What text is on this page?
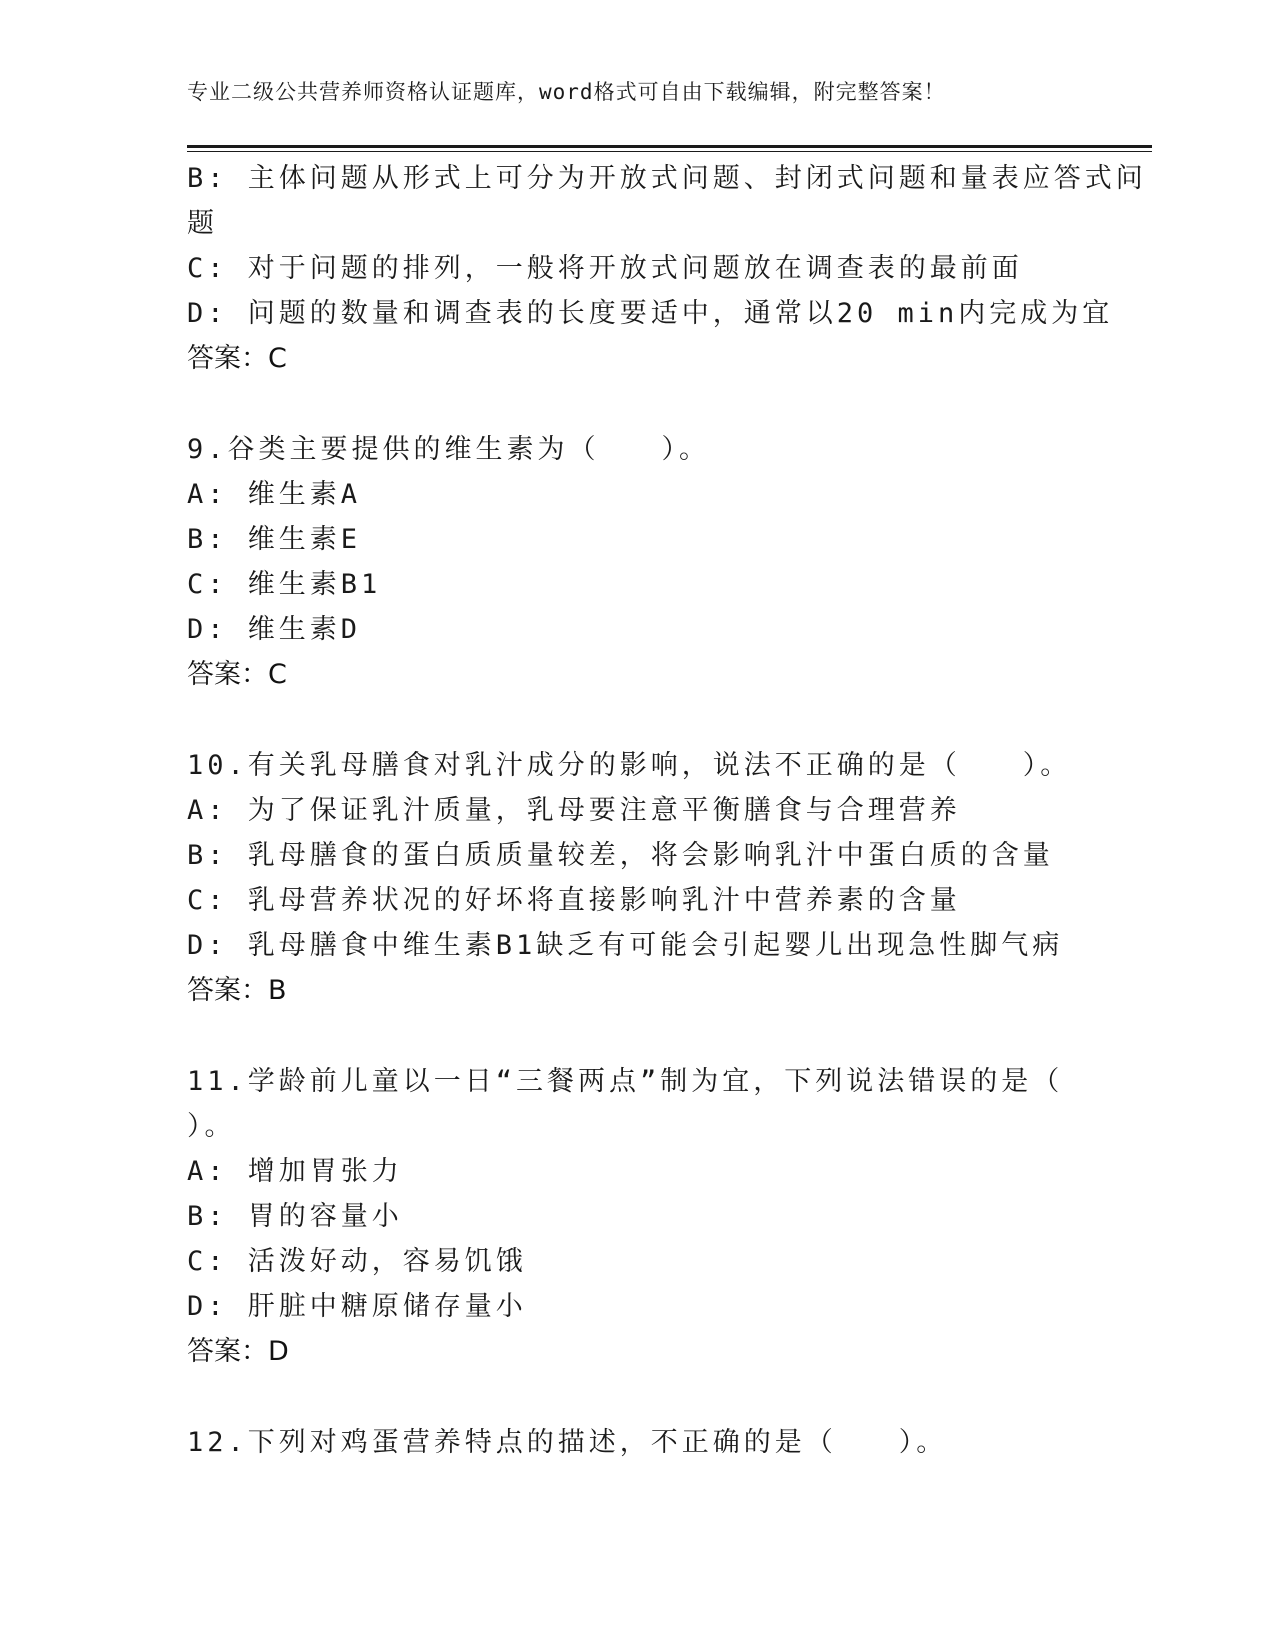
专业二级公共营养师资格认证题库，word格式可自由下载编辑，附完整答案！
B: 主体问题从形式上可分为开放式问题、封闭式问题和量表应答式问
题
C: 对于问题的排列，一般将开放式问题放在调查表的最前面
D: 问题的数量和调查表的长度要适中，通常以20 min内完成为宜
答案：C
9.谷类主要提供的维生素为（　　）。
A: 维生素A
B: 维生素E
C: 维生素B1
D: 维生素D
答案：C
10.有关乳母膳食对乳汁成分的影响，说法不正确的是（　　）。
A: 为了保证乳汁质量，乳母要注意平衡膳食与合理营养
B: 乳母膳食的蛋白质质量较差，将会影响乳汁中蛋白质的含量
C: 乳母营养状况的好坏将直接影响乳汁中营养素的含量
D: 乳母膳食中维生素B1缺乏有可能会引起婴儿出现急性脚气病
答案：B
11.学龄前儿童以一日“三餐两点”制为宜，下列说法错误的是（
）。
A: 增加胃张力
B: 胃的容量小
C: 活泼好动，容易饥饿
D: 肝脏中糖原储存量小
答案：D
12.下列对鸡蛋营养特点的描述，不正确的是（　　）。
